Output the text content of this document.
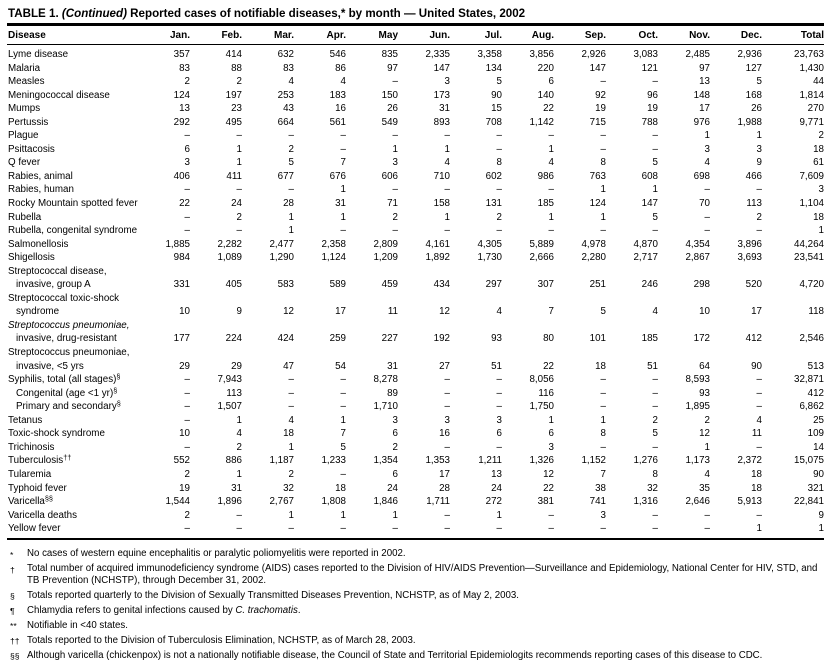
TABLE 1. (Continued) Reported cases of notifiable diseases,* by month — United States, 2002
Disease	Jan.	Feb.	Mar.	Apr.	May	Jun.	Jul.	Aug.	Sep.	Oct.	Nov.	Dec.	Total
Lyme disease	357	414	632	546	835	2,335	3,358	3,856	2,926	3,083	2,485	2,936	23,763
Malaria	83	88	83	86	97	147	134	220	147	121	97	127	1,430
Measles	2	2	4	4	–	3	5	6	–	–	13	5	44
Meningococcal disease	124	197	253	183	150	173	90	140	92	96	148	168	1,814
Mumps	13	23	43	16	26	31	15	22	19	19	17	26	270
Pertussis	292	495	664	561	549	893	708	1,142	715	788	976	1,988	9,771
Plague	–	–	–	–	–	–	–	–	–	–	1	1	2
Psittacosis	6	1	2	–	1	1	–	1	–	–	3	3	18
Q fever	3	1	5	7	3	4	8	4	8	5	4	9	61
Rabies, animal	406	411	677	676	606	710	602	986	763	608	698	466	7,609
Rabies, human	–	–	–	1	–	–	–	–	1	1	–	–	3
Rocky Mountain spotted fever	22	24	28	31	71	158	131	185	124	147	70	113	1,104
Rubella	–	2	1	1	2	1	2	1	1	5	–	2	18
Rubella, congenital syndrome	–	–	1	–	–	–	–	–	–	–	–	–	1
Salmonellosis	1,885	2,282	2,477	2,358	2,809	4,161	4,305	5,889	4,978	4,870	4,354	3,896	44,264
Shigellosis	984	1,089	1,290	1,124	1,209	1,892	1,730	2,666	2,280	2,717	2,867	3,693	23,541
Streptococcal disease,													
invasive, group A	331	405	583	589	459	434	297	307	251	246	298	520	4,720
Streptococcal toxic-shock													
syndrome	10	9	12	17	11	12	4	7	5	4	10	17	118
Streptococcus pneumoniae,													
invasive, drug-resistant	177	224	424	259	227	192	93	80	101	185	172	412	2,546
Streptococcus pneumoniae,													
invasive, <5 yrs	29	29	47	54	31	27	51	22	18	51	64	90	513
Syphilis, total (all stages)§	–	7,943	–	–	8,278	–	–	8,056	–	–	8,593	–	32,871
Congenital (age <1 yr)§	–	113	–	–	89	–	–	116	–	–	93	–	412
Primary and secondary§	–	1,507	–	–	1,710	–	–	1,750	–	–	1,895	–	6,862
Tetanus	–	1	4	1	3	3	3	1	1	2	2	4	25
Toxic-shock syndrome	10	4	18	7	6	16	6	6	8	5	12	11	109
Trichinosis	–	2	1	5	2	–	–	3	–	–	1	–	14
Tuberculosis††	552	886	1,187	1,233	1,354	1,353	1,211	1,326	1,152	1,276	1,173	2,372	15,075
Tularemia	2	1	2	–	6	17	13	12	7	8	4	18	90
Typhoid fever	19	31	32	18	24	28	24	22	38	32	35	18	321
Varicella§§	1,544	1,896	2,767	1,808	1,846	1,711	272	381	741	1,316	2,646	5,913	22,841
Varicella deaths	2	–	1	1	1	–	1	–	3	–	–	–	9
Yellow fever	–	–	–	–	–	–	–	–	–	–	–	1	1
*	No cases of western equine encephalitis or paralytic poliomyelitis were reported in 2002.
†	Total number of acquired immunodeficiency syndrome (AIDS) cases reported to the Division of HIV/AIDS Prevention—Surveillance and Epidemiology, National Center for HIV, STD, and TB Prevention (NCHSTP), through December 31, 2002.
§	Totals reported quarterly to the Division of Sexually Transmitted Diseases Prevention, NCHSTP, as of May 2, 2003.
¶	Chlamydia refers to genital infections caused by C. trachomatis.
**	Notifiable in <40 states.
†† Totals reported to the Division of Tuberculosis Elimination, NCHSTP, as of March 28, 2003.
§§ Although varicella (chickenpox) is not a nationally notifiable disease, the Council of State and Territorial Epidemiologits recommends reporting cases of this disease to CDC.
